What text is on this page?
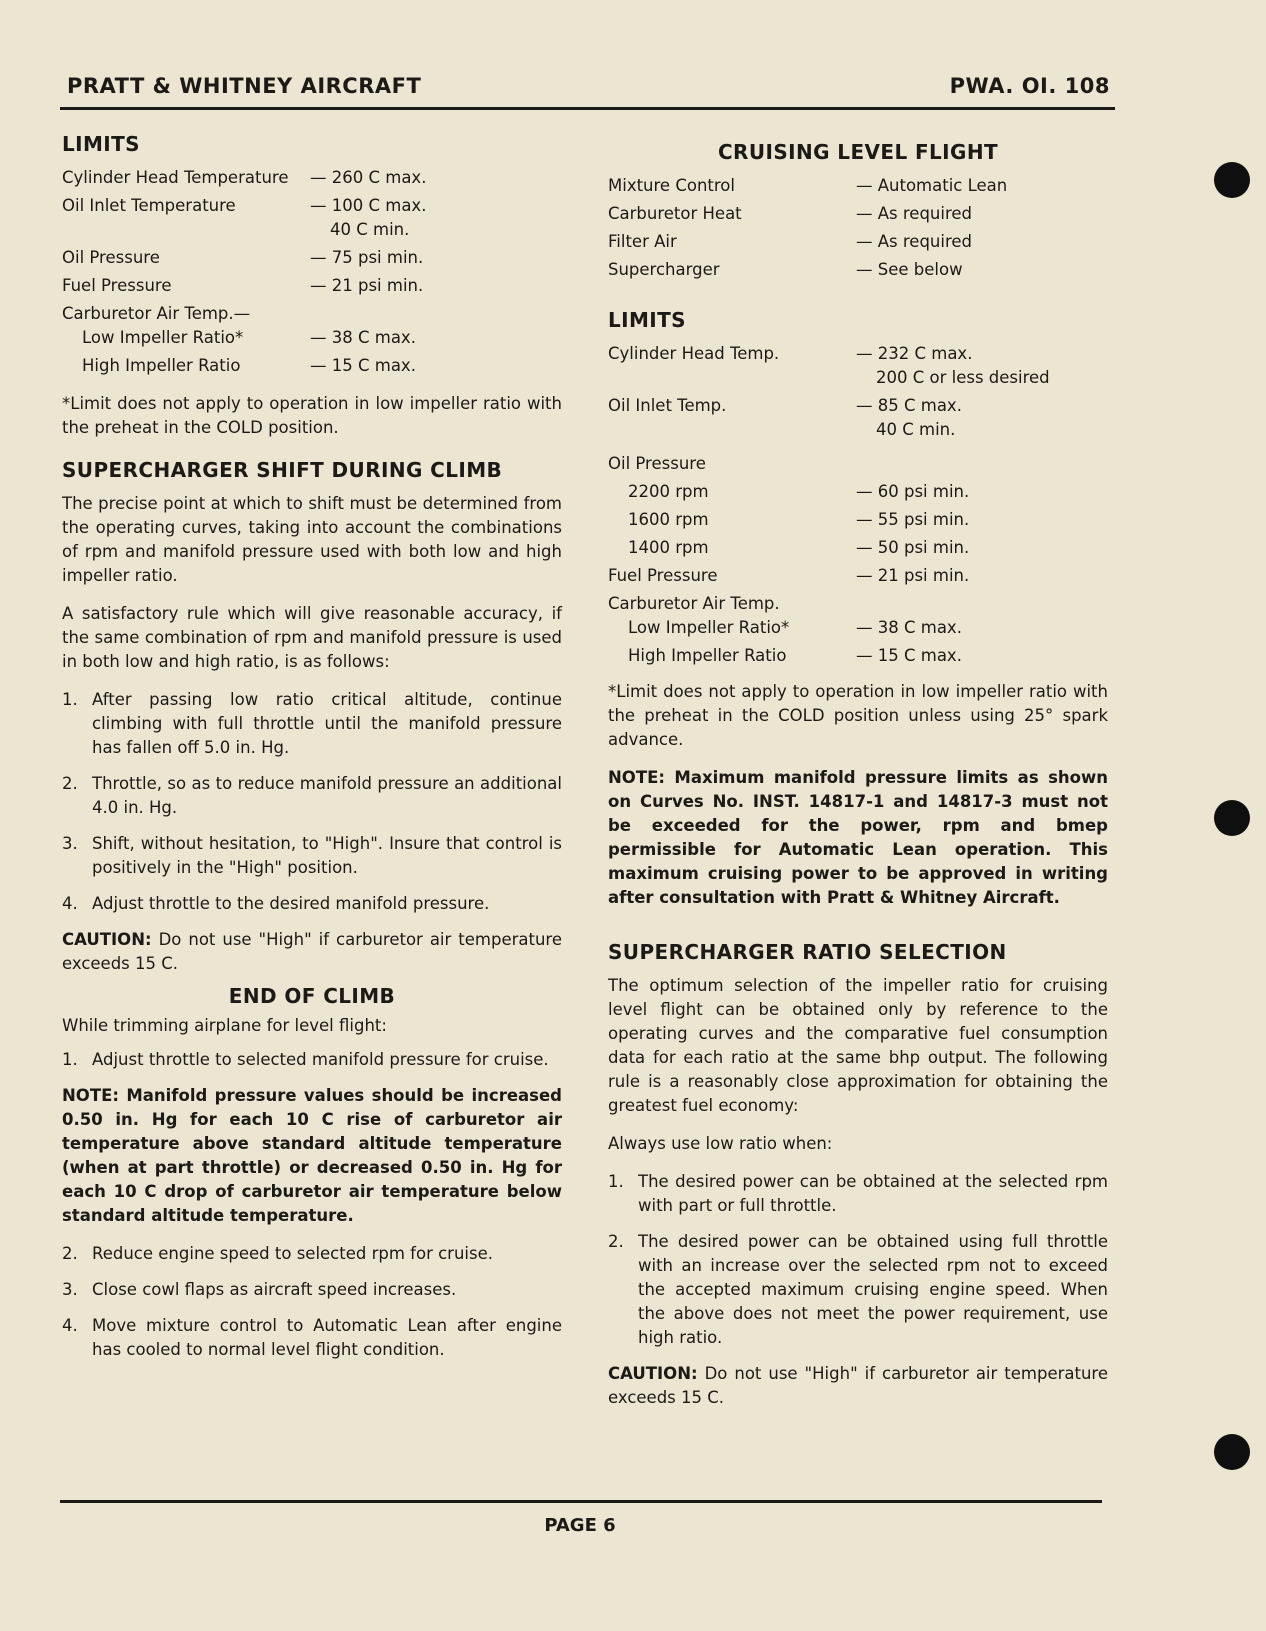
PRATT & WHITNEY AIRCRAFT	PWA. OI. 108
LIMITS
Cylinder Head Temperature	— 260 C max.
Oil Inlet Temperature	— 100 C max.
40 C min.
Oil Pressure	— 75 psi min.
Fuel Pressure	— 21 psi min.
Carburetor Air Temp.—
Low Impeller Ratio*	— 38 C max.
High Impeller Ratio	— 15 C max.

*Limit does not apply to operation in low impeller ratio with the preheat in the COLD position.

SUPERCHARGER SHIFT DURING CLIMB

The precise point at which to shift must be determined from the operating curves, taking into account the combinations of rpm and manifold pressure used with both low and high impeller ratio.

A satisfactory rule which will give reasonable accuracy, if the same combination of rpm and manifold pressure is used in both low and high ratio, is as follows:

1. After passing low ratio critical altitude, continue climbing with full throttle until the manifold pressure has fallen off 5.0 in. Hg.
2. Throttle, so as to reduce manifold pressure an additional 4.0 in. Hg.
3. Shift, without hesitation, to "High". Insure that control is positively in the "High" position.
4. Adjust throttle to the desired manifold pressure.

CAUTION: Do not use "High" if carburetor air temperature exceeds 15 C.

END OF CLIMB

While trimming airplane for level flight:

1. Adjust throttle to selected manifold pressure for cruise.
NOTE: Manifold pressure values should be increased 0.50 in. Hg for each 10 C rise of carburetor air temperature above standard altitude temperature (when at part throttle) or decreased 0.50 in. Hg for each 10 C drop of carburetor air temperature below standard altitude temperature.
2. Reduce engine speed to selected rpm for cruise.
3. Close cowl flaps as aircraft speed increases.
4. Move mixture control to Automatic Lean after engine has cooled to normal level flight condition.
CRUISING LEVEL FLIGHT
Mixture Control	— Automatic Lean
Carburetor Heat	— As required
Filter Air	— As required
Supercharger	— See below
LIMITS
Cylinder Head Temp.	— 232 C max.
200 C or less desired
Oil Inlet Temp.	— 85 C max.
40 C min.
Oil Pressure
2200 rpm	— 60 psi min.
1600 rpm	— 55 psi min.
1400 rpm	— 50 psi min.
Fuel Pressure	— 21 psi min.
Carburetor Air Temp.
Low Impeller Ratio*	— 38 C max.
High Impeller Ratio	— 15 C max.

*Limit does not apply to operation in low impeller ratio with the preheat in the COLD position unless using 25° spark advance.

NOTE: Maximum manifold pressure limits as shown on Curves No. INST. 14817-1 and 14817-3 must not be exceeded for the power, rpm and bmep permissible for Automatic Lean operation. This maximum cruising power to be approved in writing after consultation with Pratt & Whitney Aircraft.
SUPERCHARGER RATIO SELECTION

The optimum selection of the impeller ratio for cruising level flight can be obtained only by reference to the operating curves and the comparative fuel consumption data for each ratio at the same bhp output. The following rule is a reasonably close approximation for obtaining the greatest fuel economy:

Always use low ratio when:

1. The desired power can be obtained at the selected rpm with part or full throttle.
2. The desired power can be obtained using full throttle with an increase over the selected rpm not to exceed the accepted maximum cruising engine speed. When the above does not meet the power requirement, use high ratio.

CAUTION: Do not use "High" if carburetor air temperature exceeds 15 C.

PAGE 6
